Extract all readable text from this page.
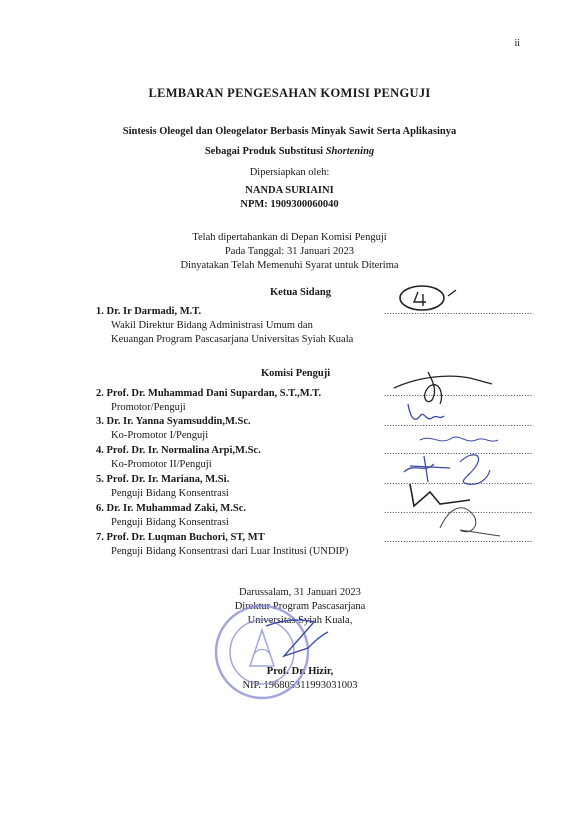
ii
LEMBARAN PENGESAHAN KOMISI PENGUJI
Sintesis Oleogel dan Oleogelator Berbasis Minyak Sawit Serta Aplikasinya
Sebagai Produk Substitusi Shortening
Dipersiapkan oleh:
NANDA SURIAINI
NPM: 1909300060040
Telah dipertahankan di Depan Komisi Penguji
Pada Tanggal: 31 Januari 2023
Dinyatakan Telah Memenuhi Syarat untuk Diterima
Ketua Sidang
1. Dr. Ir Darmadi, M.T.
Wakil Direktur Bidang Administrasi Umum dan
Keuangan Program Pascasarjana Universitas Syiah Kuala
......................................................
Komisi Penguji
2. Prof. Dr. Muhammad Dani Supardan, S.T.,M.T.
Promotor/Penguji
......................................................
3. Dr. Ir. Yanna Syamsuddin,M.Sc.
Ko-Promotor I/Penguji
......................................................
4. Prof. Dr. Ir. Normalina Arpi,M.Sc.
Ko-Promotor II/Penguji
......................................................
5. Prof. Dr. Ir. Mariana, M.Si.
Penguji Bidang Konsentrasi
......................................................
6. Dr. Ir. Muhammad Zaki, M.Sc.
Penguji Bidang Konsentrasi
......................................................
7. Prof. Dr. Luqman Buchori, ST, MT
Penguji Bidang Konsentrasi dari Luar Institusi (UNDIP)
......................................................
Darussalam, 31 Januari 2023
Direktur Program Pascasarjana
Universitas Syiah Kuala,
Prof. Dr. Hizir,
NIP. 196805311993031003
